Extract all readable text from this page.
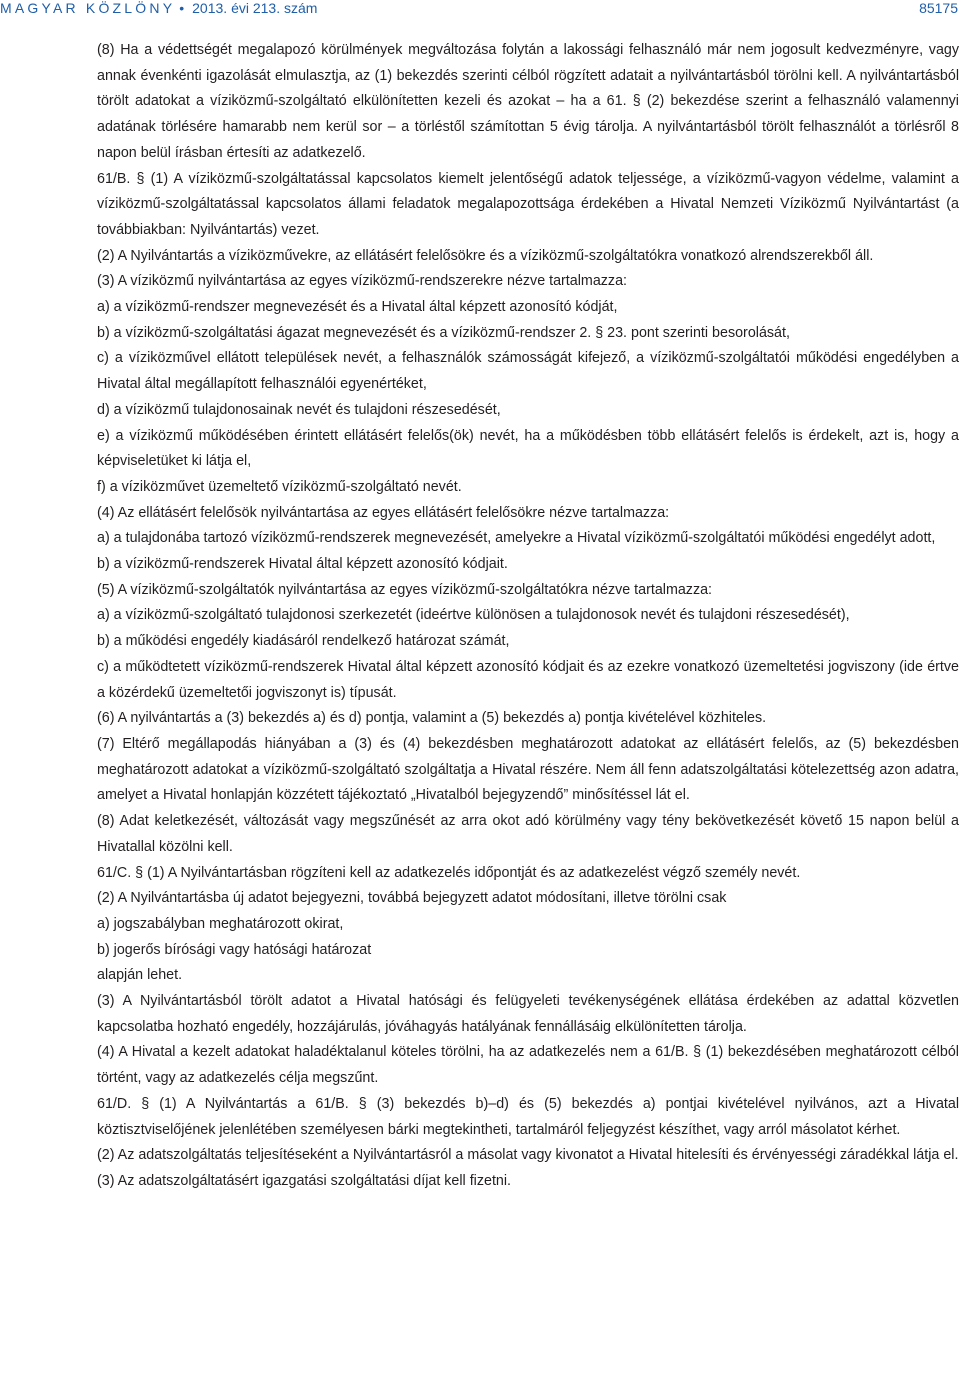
MAGYAR KÖZLÖNY • 2013. évi 213. szám	85175

(8) Ha a védettségét megalapozó körülmények megváltozása folytán a lakossági felhasználó már nem jogosult kedvezményre, vagy annak évenkénti igazolását elmulasztja, az (1) bekezdés szerinti célból rögzített adatait a nyilvántartásból törölni kell. A nyilvántartásból törölt adatokat a víziközmű-szolgáltató elkülönítetten kezeli és azokat – ha a 61. § (2) bekezdése szerint a felhasználó valamennyi adatának törlésére hamarabb nem kerül sor – a törléstől számítottan 5 évig tárolja. A nyilvántartásból törölt felhasználót a törlésről 8 napon belül írásban értesíti az adatkezelő.

61/B. § (1) A víziközmű-szolgáltatással kapcsolatos kiemelt jelentőségű adatok teljessége, a víziközmű-vagyon védelme, valamint a víziközmű-szolgáltatással kapcsolatos állami feladatok megalapozottsága érdekében a Hivatal Nemzeti Víziközmű Nyilvántartást (a továbbiakban: Nyilvántartás) vezet.

(2) A Nyilvántartás a víziközművekre, az ellátásért felelősökre és a víziközmű-szolgáltatókra vonatkozó alrendszerekből áll.

(3) A víziközmű nyilvántartása az egyes víziközmű-rendszerekre nézve tartalmazza:

a) a víziközmű-rendszer megnevezését és a Hivatal által képzett azonosító kódját,

b) a víziközmű-szolgáltatási ágazat megnevezését és a víziközmű-rendszer 2. § 23. pont szerinti besorolását,

c) a víziközművel ellátott települések nevét, a felhasználók számosságát kifejező, a víziközmű-szolgáltatói működési engedélyben a Hivatal által megállapított felhasználói egyenértéket,

d) a víziközmű tulajdonosainak nevét és tulajdoni részesedését,

e) a víziközmű működésében érintett ellátásért felelős(ök) nevét, ha a működésben több ellátásért felelős is érdekelt, azt is, hogy a képviseletüket ki látja el,

f) a víziközművet üzemeltető víziközmű-szolgáltató nevét.

(4) Az ellátásért felelősök nyilvántartása az egyes ellátásért felelősökre nézve tartalmazza:

a) a tulajdonába tartozó víziközmű-rendszerek megnevezését, amelyekre a Hivatal víziközmű-szolgáltatói működési engedélyt adott,

b) a víziközmű-rendszerek Hivatal által képzett azonosító kódjait.

(5) A víziközmű-szolgáltatók nyilvántartása az egyes víziközmű-szolgáltatókra nézve tartalmazza:

a) a víziközmű-szolgáltató tulajdonosi szerkezetét (ideértve különösen a tulajdonosok nevét és tulajdoni részesedését),

b) a működési engedély kiadásáról rendelkező határozat számát,

c) a működtetett víziközmű-rendszerek Hivatal által képzett azonosító kódjait és az ezekre vonatkozó üzemeltetési jogviszony (ide értve a közérdekű üzemeltetői jogviszonyt is) típusát.

(6) A nyilvántartás a (3) bekezdés a) és d) pontja, valamint a (5) bekezdés a) pontja kivételével közhiteles.

(7) Eltérő megállapodás hiányában a (3) és (4) bekezdésben meghatározott adatokat az ellátásért felelős, az (5) bekezdésben meghatározott adatokat a víziközmű-szolgáltató szolgáltatja a Hivatal részére. Nem áll fenn adatszolgáltatási kötelezettség azon adatra, amelyet a Hivatal honlapján közzétett tájékoztató „Hivatalból bejegyzendő” minősítéssel lát el.

(8) Adat keletkezését, változását vagy megszűnését az arra okot adó körülmény vagy tény bekövetkezését követő 15 napon belül a Hivatallal közölni kell.

61/C. § (1) A Nyilvántartásban rögzíteni kell az adatkezelés időpontját és az adatkezelést végző személy nevét.

(2) A Nyilvántartásba új adatot bejegyezni, továbbá bejegyzett adatot módosítani, illetve törölni csak

a) jogszabályban meghatározott okirat,

b) jogerős bírósági vagy hatósági határozat

alapján lehet.

(3) A Nyilvántartásból törölt adatot a Hivatal hatósági és felügyeleti tevékenységének ellátása érdekében az adattal közvetlen kapcsolatba hozható engedély, hozzájárulás, jóváhagyás hatályának fennállásáig elkülönítetten tárolja.

(4) A Hivatal a kezelt adatokat haladéktalanul köteles törölni, ha az adatkezelés nem a 61/B. § (1) bekezdésében meghatározott célból történt, vagy az adatkezelés célja megszűnt.

61/D. § (1) A Nyilvántartás a 61/B. § (3) bekezdés b)–d) és (5) bekezdés a) pontjai kivételével nyilvános, azt a Hivatal köztisztviselőjének jelenlétében személyesen bárki megtekintheti, tartalmáról feljegyzést készíthet, vagy arról másolatot kérhet.

(2) Az adatszolgáltatás teljesítéseként a Nyilvántartásról a másolat vagy kivonatot a Hivatal hitelesíti és érvényességi záradékkal látja el.

(3) Az adatszolgáltatásért igazgatási szolgáltatási díjat kell fizetni.
